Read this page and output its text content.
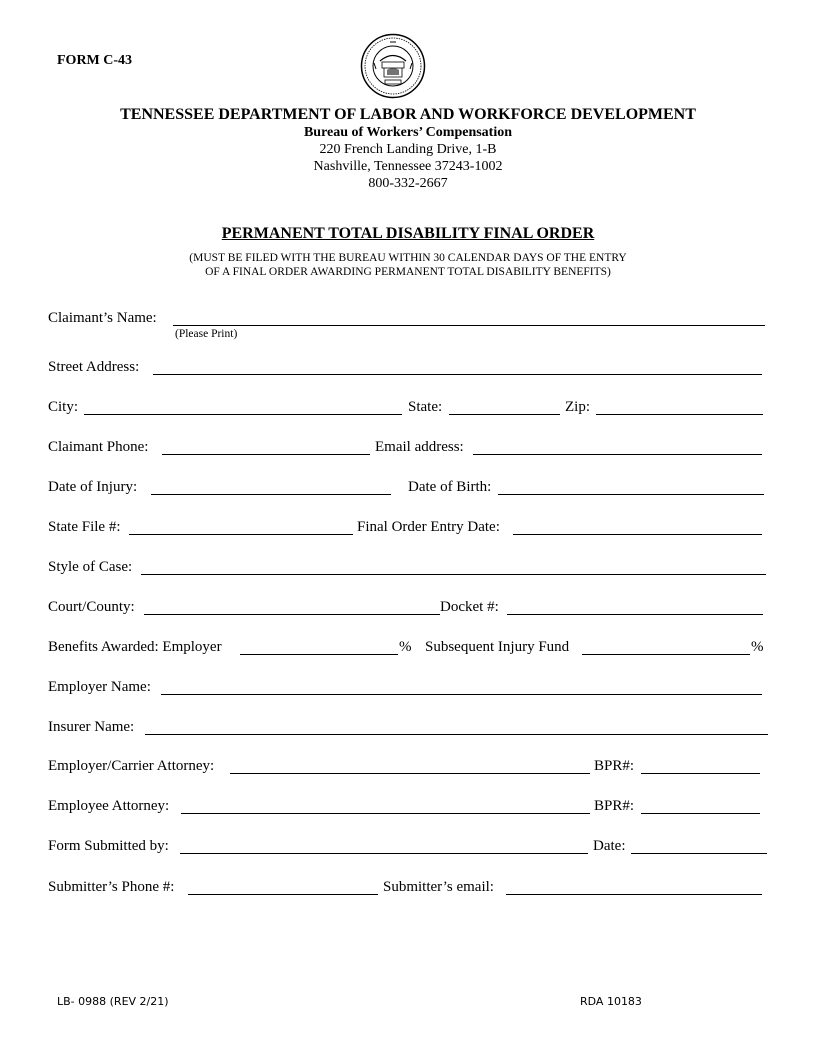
FORM C-43
TENNESSEE DEPARTMENT OF LABOR AND WORKFORCE DEVELOPMENT
Bureau of Workers’ Compensation
220 French Landing Drive, 1-B
Nashville, Tennessee 37243-1002
800-332-2667
PERMANENT TOTAL DISABILITY FINAL ORDER
(MUST BE FILED WITH THE BUREAU WITHIN 30 CALENDAR DAYS OF THE ENTRY
OF A FINAL ORDER AWARDING PERMANENT TOTAL DISABILITY BENEFITS)
Claimant’s Name:
(Please Print)
Street Address:
City:	State:	Zip:
Claimant Phone:	Email address:
Date of Injury:	Date of Birth:
State File #:	Final Order Entry Date:
Style of Case:
Court/County:	Docket #:
Benefits Awarded: Employer	% Subsequent Injury Fund	%
Employer Name:
Insurer Name:
Employer/Carrier Attorney:	BPR#:
Employee Attorney:	BPR#:
Form Submitted by:	Date:
Submitter’s Phone #:	Submitter’s email:
LB- 0988 (REV 2/21)	RDA 10183
